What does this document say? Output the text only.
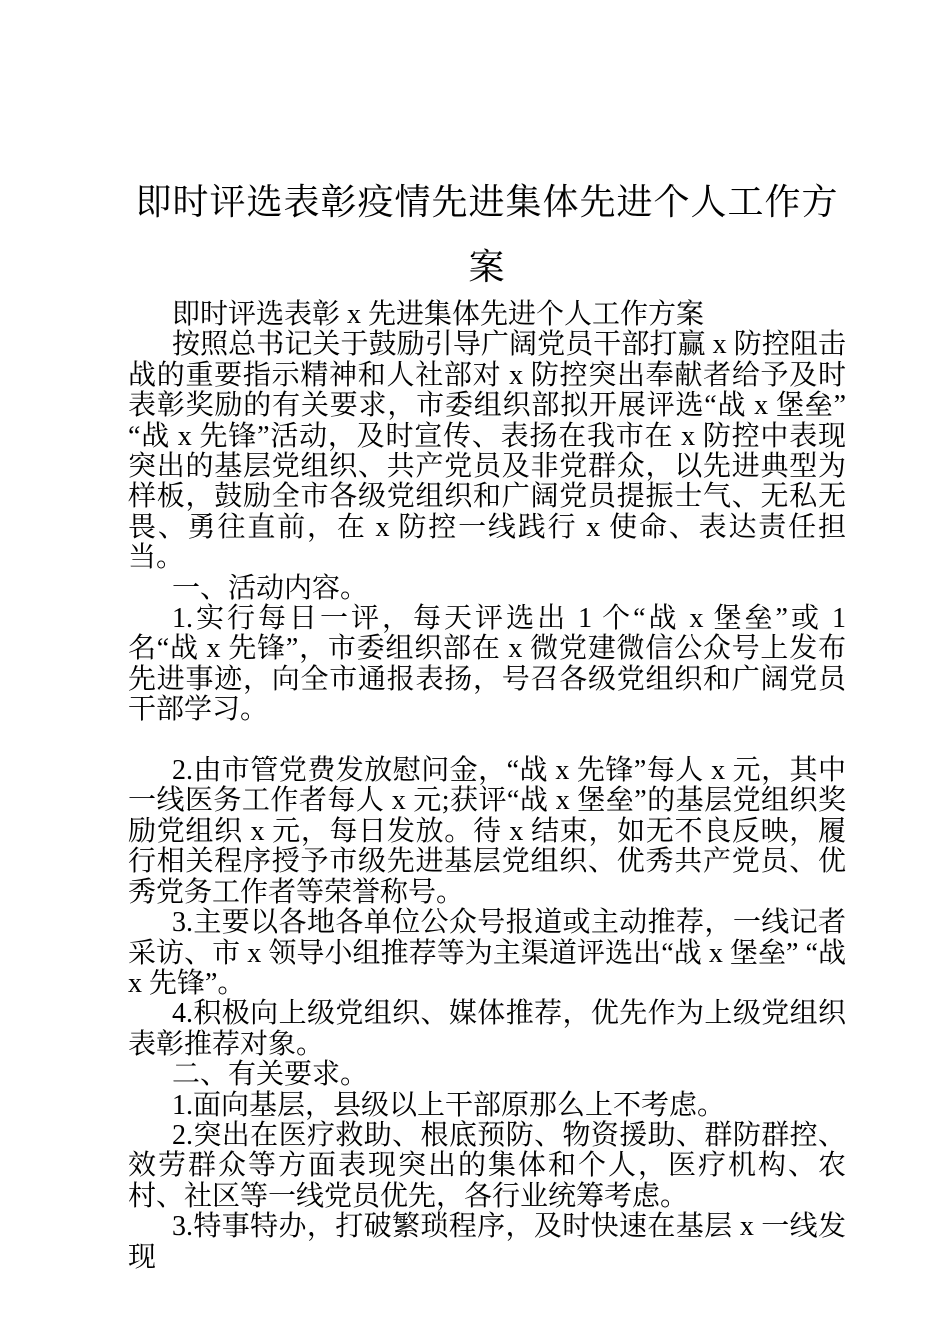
即时评选表彰疫情先进集体先进个人工作方案

即时评选表彰 x 先进集体先进个人工作方案

按照总书记关于鼓励引导广阔党员干部打赢 x 防控阻击战的重要指示精神和人社部对 x 防控突出奉献者给予及时表彰奖励的有关要求，市委组织部拟开展评选“战 x 堡垒” “战 x 先锋”活动，及时宣传、表扬在我市在 x 防控中表现突出的基层党组织、共产党员及非党群众，以先进典型为样板，鼓励全市各级党组织和广阔党员提振士气、无私无畏、勇往直前，在 x 防控一线践行 x 使命、表达责任担当。

一、活动内容。

1.实行每日一评，每天评选出 1 个“战 x 堡垒”或 1 名“战 x 先锋”，市委组织部在 x 微党建微信公众号上发布先进事迹，向全市通报表扬，号召各级党组织和广阔党员干部学习。

2.由市管党费发放慰问金，“战 x 先锋”每人 x 元，其中一线医务工作者每人 x 元;获评“战 x 堡垒”的基层党组织奖励党组织 x 元，每日发放。待 x 结束，如无不良反映，履行相关程序授予市级先进基层党组织、优秀共产党员、优秀党务工作者等荣誉称号。

3.主要以各地各单位公众号报道或主动推荐，一线记者采访、市 x 领导小组推荐等为主渠道评选出“战 x 堡垒” “战 x 先锋”。

4.积极向上级党组织、媒体推荐，优先作为上级党组织表彰推荐对象。

二、有关要求。

1.面向基层，县级以上干部原那么上不考虑。

2.突出在医疗救助、根底预防、物资援助、群防群控、效劳群众等方面表现突出的集体和个人，医疗机构、农村、社区等一线党员优先，各行业统筹考虑。

3.特事特办，打破繁琐程序，及时快速在基层 x 一线发现
